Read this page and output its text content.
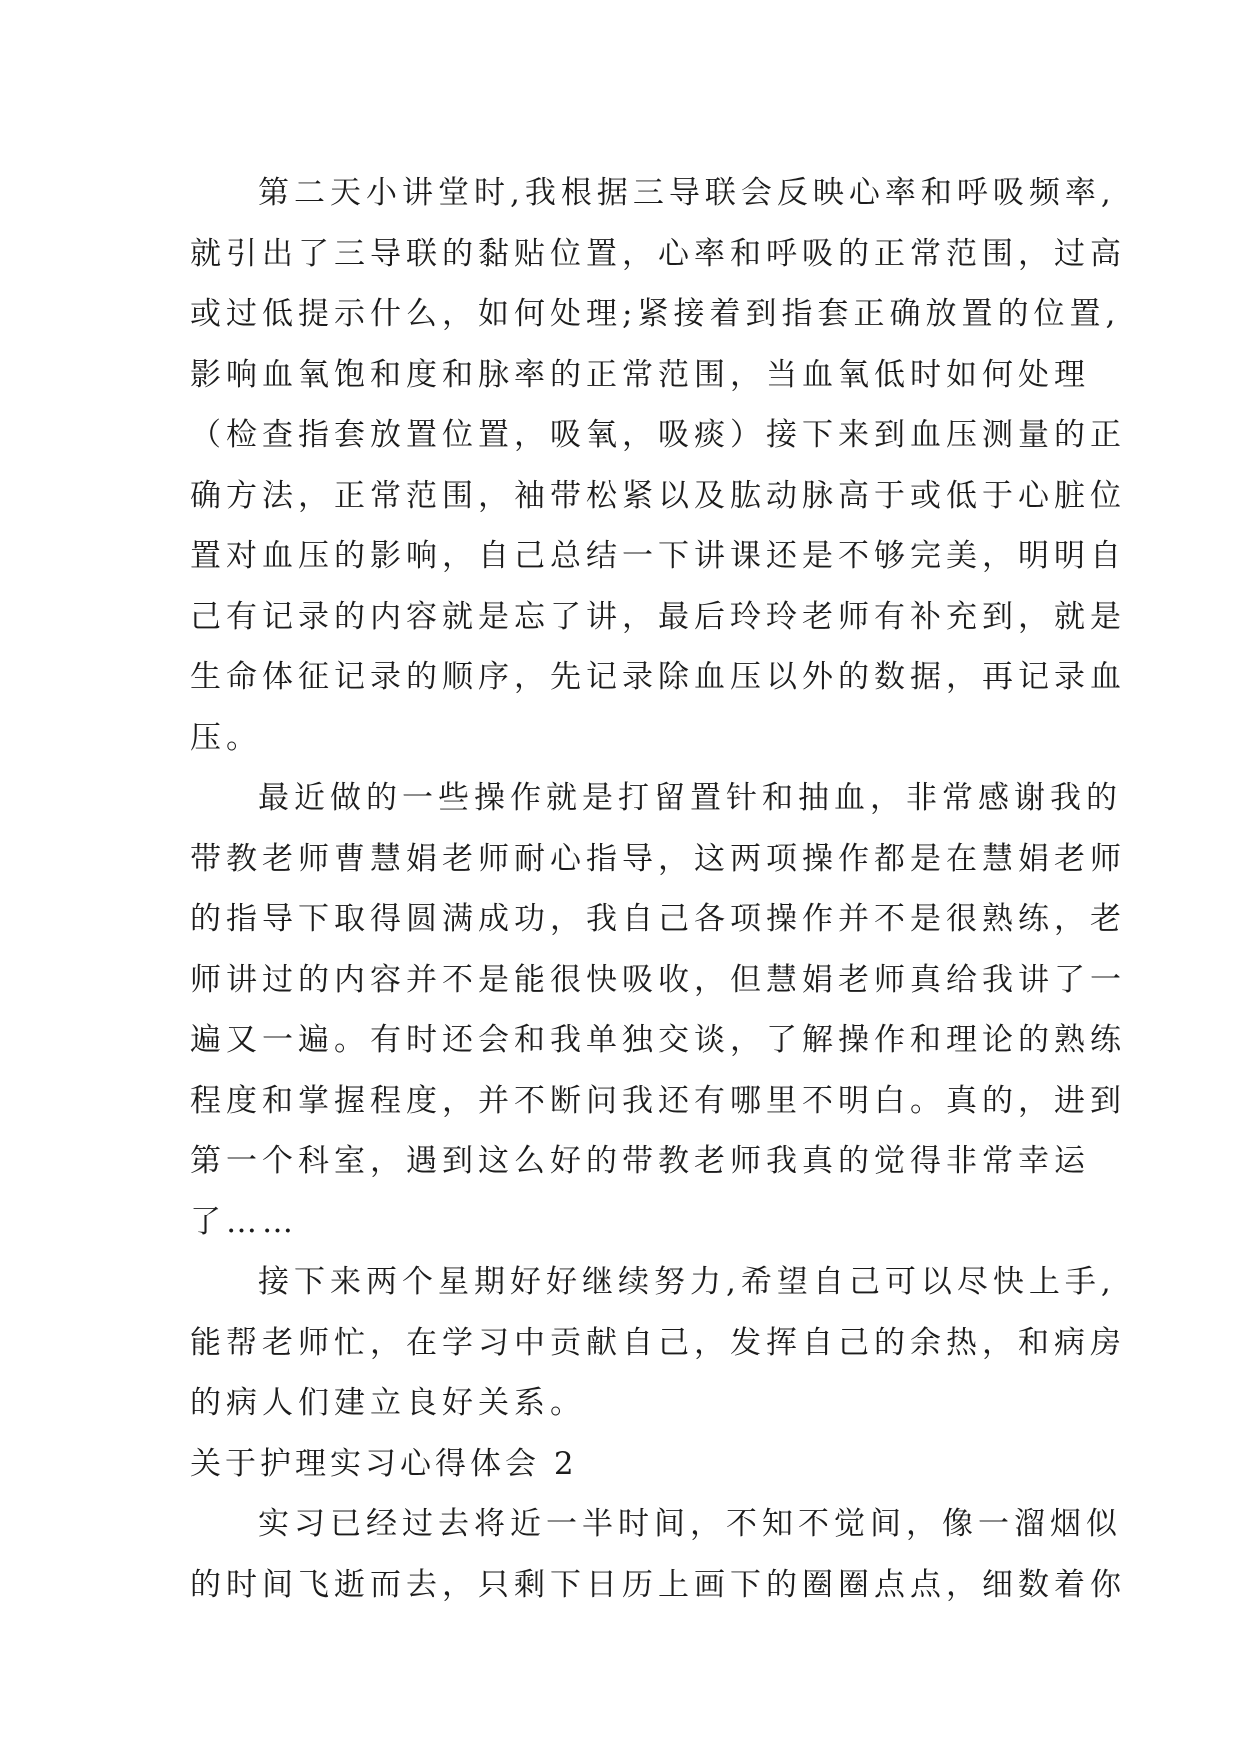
第二天小讲堂时,我根据三导联会反映心率和呼吸频率,
就引出了三导联的黏贴位置，心率和呼吸的正常范围，过高
或过低提示什么，如何处理;紧接着到指套正确放置的位置,
影响血氧饱和度和脉率的正常范围，当血氧低时如何处理
（检查指套放置位置，吸氧，吸痰）接下来到血压测量的正
确方法，正常范围，袖带松紧以及肱动脉高于或低于心脏位
置对血压的影响，自己总结一下讲课还是不够完美，明明自
己有记录的内容就是忘了讲，最后玲玲老师有补充到，就是
生命体征记录的顺序，先记录除血压以外的数据，再记录血
压。
最近做的一些操作就是打留置针和抽血，非常感谢我的
带教老师曹慧娟老师耐心指导，这两项操作都是在慧娟老师
的指导下取得圆满成功，我自己各项操作并不是很熟练，老
师讲过的内容并不是能很快吸收，但慧娟老师真给我讲了一
遍又一遍。有时还会和我单独交谈，了解操作和理论的熟练
程度和掌握程度，并不断问我还有哪里不明白。真的，进到
第一个科室，遇到这么好的带教老师我真的觉得非常幸运
了……
接下来两个星期好好继续努力,希望自己可以尽快上手,
能帮老师忙，在学习中贡献自己，发挥自己的余热，和病房
的病人们建立良好关系。
关于护理实习心得体会 2
实习已经过去将近一半时间，不知不觉间，像一溜烟似
的时间飞逝而去，只剩下日历上画下的圈圈点点，细数着你
